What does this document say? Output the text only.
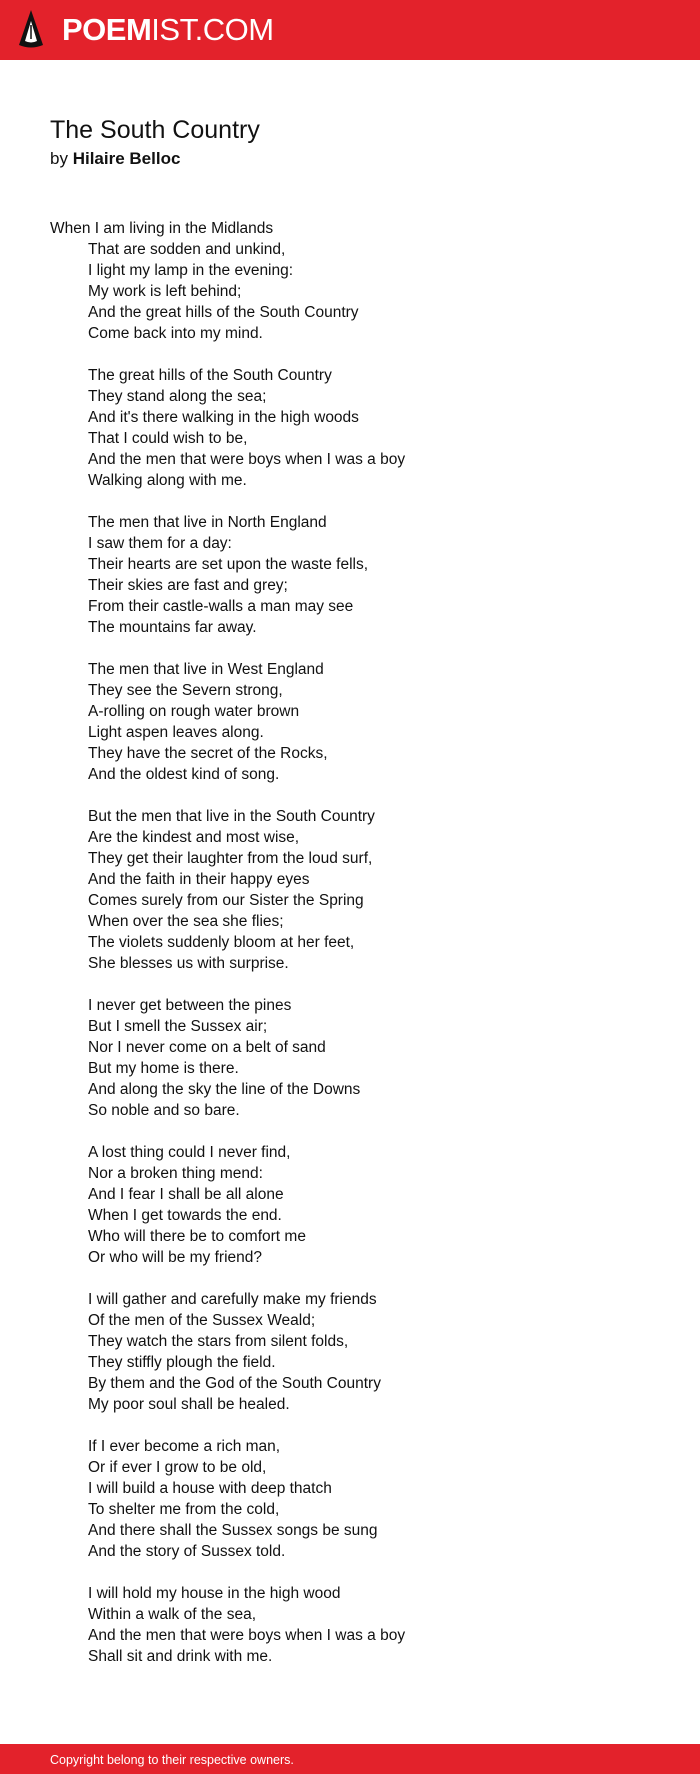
POEMIST.COM
The South Country
by Hilaire Belloc
When I am living in the Midlands
That are sodden and unkind,
I light my lamp in the evening:
My work is left behind;
And the great hills of the South Country
Come back into my mind.
The great hills of the South Country
They stand along the sea;
And it's there walking in the high woods
That I could wish to be,
And the men that were boys when I was a boy
Walking along with me.
The men that live in North England
I saw them for a day:
Their hearts are set upon the waste fells,
Their skies are fast and grey;
From their castle-walls a man may see
The mountains far away.
The men that live in West England
They see the Severn strong,
A-rolling on rough water brown
Light aspen leaves along.
They have the secret of the Rocks,
And the oldest kind of song.
But the men that live in the South Country
Are the kindest and most wise,
They get their laughter from the loud surf,
And the faith in their happy eyes
Comes surely from our Sister the Spring
When over the sea she flies;
The violets suddenly bloom at her feet,
She blesses us with surprise.
I never get between the pines
But I smell the Sussex air;
Nor I never come on a belt of sand
But my home is there.
And along the sky the line of the Downs
So noble and so bare.
A lost thing could I never find,
Nor a broken thing mend:
And I fear I shall be all alone
When I get towards the end.
Who will there be to comfort me
Or who will be my friend?
I will gather and carefully make my friends
Of the men of the Sussex Weald;
They watch the stars from silent folds,
They stiffly plough the field.
By them and the God of the South Country
My poor soul shall be healed.
If I ever become a rich man,
Or if ever I grow to be old,
I will build a house with deep thatch
To shelter me from the cold,
And there shall the Sussex songs be sung
And the story of Sussex told.
I will hold my house in the high wood
Within a walk of the sea,
And the men that were boys when I was a boy
Shall sit and drink with me.
Copyright belong to their respective owners.
